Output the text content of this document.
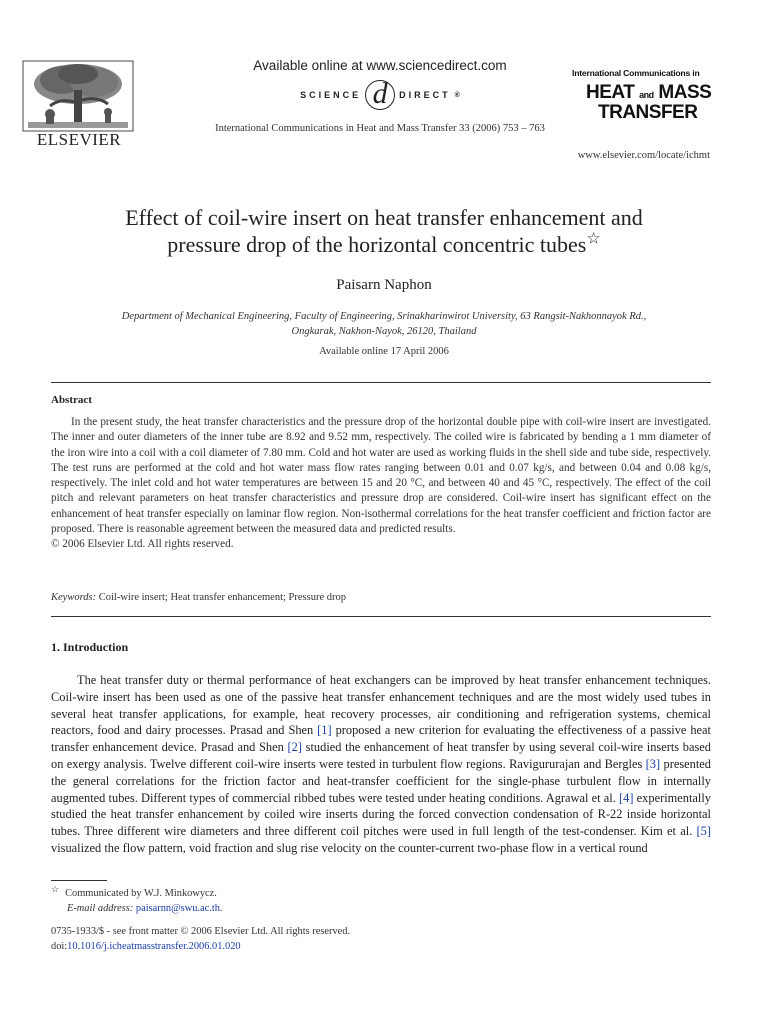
ELSEVIER
Available online at www.sciencedirect.com
SCIENCE d	DIRECT ®
International Communications in Heat and Mass Transfer 33 (2006) 753 – 763
International Communications in
HEAT and MASS
TRANSFER
www.elsevier.com/locate/ichmt
Effect of coil-wire insert on heat transfer enhancement and
pressure drop of the horizontal concentric tubes☆
Paisarn Naphon
Department of Mechanical Engineering, Faculty of Engineering, Srinakharinwirot University, 63 Rangsit-Nakhonnayok Rd.,
Ongkarak, Nakhon-Nayok, 26120, Thailand
Available online 17 April 2006
Abstract
In the present study, the heat transfer characteristics and the pressure drop of the horizontal double pipe with coil-wire insert are investigated. The inner and outer diameters of the inner tube are 8.92 and 9.52 mm, respectively. The coiled wire is fabricated by bending a 1 mm diameter of the iron wire into a coil with a coil diameter of 7.80 mm. Cold and hot water are used as working fluids in the shell side and tube side, respectively. The test runs are performed at the cold and hot water mass flow rates ranging between 0.01 and 0.07 kg/s, and between 0.04 and 0.08 kg/s, respectively. The inlet cold and hot water temperatures are between 15 and 20 °C, and between 40 and 45 °C, respectively. The effect of the coil pitch and relevant parameters on heat transfer characteristics and pressure drop are considered. Coil-wire insert has significant effect on the enhancement of heat transfer especially on laminar flow region. Non-isothermal correlations for the heat transfer coefficient and friction factor are proposed. There is reasonable agreement between the measured data and predicted results.
© 2006 Elsevier Ltd. All rights reserved.
Keywords: Coil-wire insert; Heat transfer enhancement; Pressure drop
1. Introduction
The heat transfer duty or thermal performance of heat exchangers can be improved by heat transfer enhancement techniques. Coil-wire insert has been used as one of the passive heat transfer enhancement techniques and are the most widely used tubes in several heat transfer applications, for example, heat recovery processes, air conditioning and refrigeration systems, chemical reactors, food and dairy processes. Prasad and Shen [1] proposed a new criterion for evaluating the effectiveness of a passive heat transfer enhancement device. Prasad and Shen [2] studied the enhancement of heat transfer by using several coil-wire inserts based on exergy analysis. Twelve different coil-wire inserts were tested in turbulent flow regions. Ravigururajan and Bergles [3] presented the general correlations for the friction factor and heat-transfer coefficient for the single-phase turbulent flow in internally augmented tubes. Different types of commercial ribbed tubes were tested under heating conditions. Agrawal et al. [4] experimentally studied the heat transfer enhancement by coiled wire inserts during the forced convection condensation of R-22 inside horizontal tubes. Three different wire diameters and three different coil pitches were used in full length of the test-condenser. Kim et al. [5] visualized the flow pattern, void fraction and slug rise velocity on the counter-current two-phase flow in a vertical round
☆ Communicated by W.J. Minkowycz.
E-mail address: paisarnn@swu.ac.th.
0735-1933/$ - see front matter © 2006 Elsevier Ltd. All rights reserved.
doi:10.1016/j.icheatmasstransfer.2006.01.020
